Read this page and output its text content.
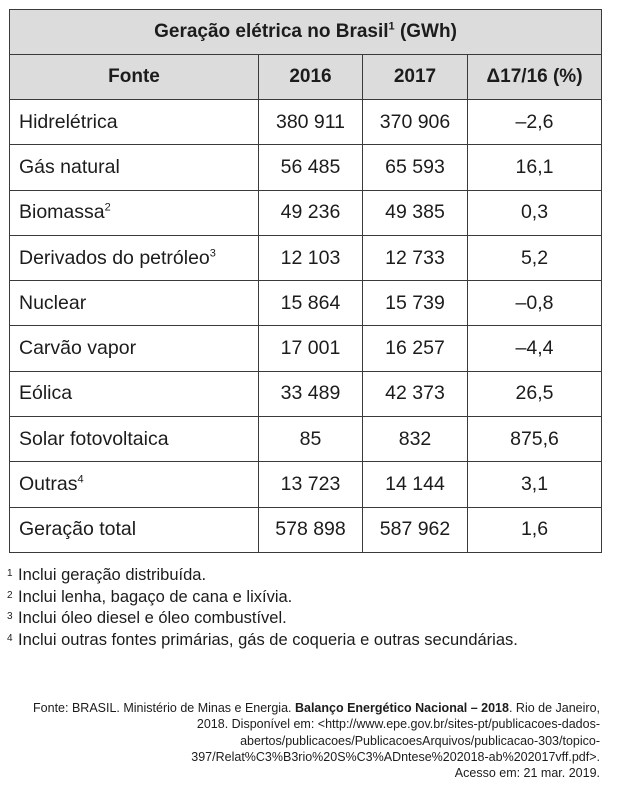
Geração elétrica no Brasil$^1$ (GWh)			
Fonte	2016	2017	Δ17/16 (%)
Hidrelétrica	380 911	370 906	–2,6
Gás natural	56 485	65 593	16,1
Biomassa$^2$	49 236	49 385	0,3
Derivados do petróleo$^3$	12 103	12 733	5,2
Nuclear	15 864	15 739	–0,8
Carvão vapor	17 001	16 257	–4,4
Eólica	33 489	42 373	26,5
Solar fotovoltaica	85	832	875,6
Outras$^4$	13 723	14 144	3,1
Geração total	578 898	587 962	1,6
1 Inclui geração distribuída.
2 Inclui lenha, bagaço de cana e lixívia.
3 Inclui óleo diesel e óleo combustível.
4 Inclui outras fontes primárias, gás de coqueria e outras secundárias.
Fonte: BRASIL. Ministério de Minas e Energia. Balanço Energético Nacional – 2018. Rio de Janeiro, 2018. Disponível em: <http://www.epe.gov.br/sites-pt/publicacoes-dados-abertos/publicacoes/PublicacoesArquivos/publicacao-303/topico-397/Relat%C3%B3rio%20S%C3%ADntese%202018-ab%202017vff.pdf>.
Acesso em: 21 mar. 2019.
